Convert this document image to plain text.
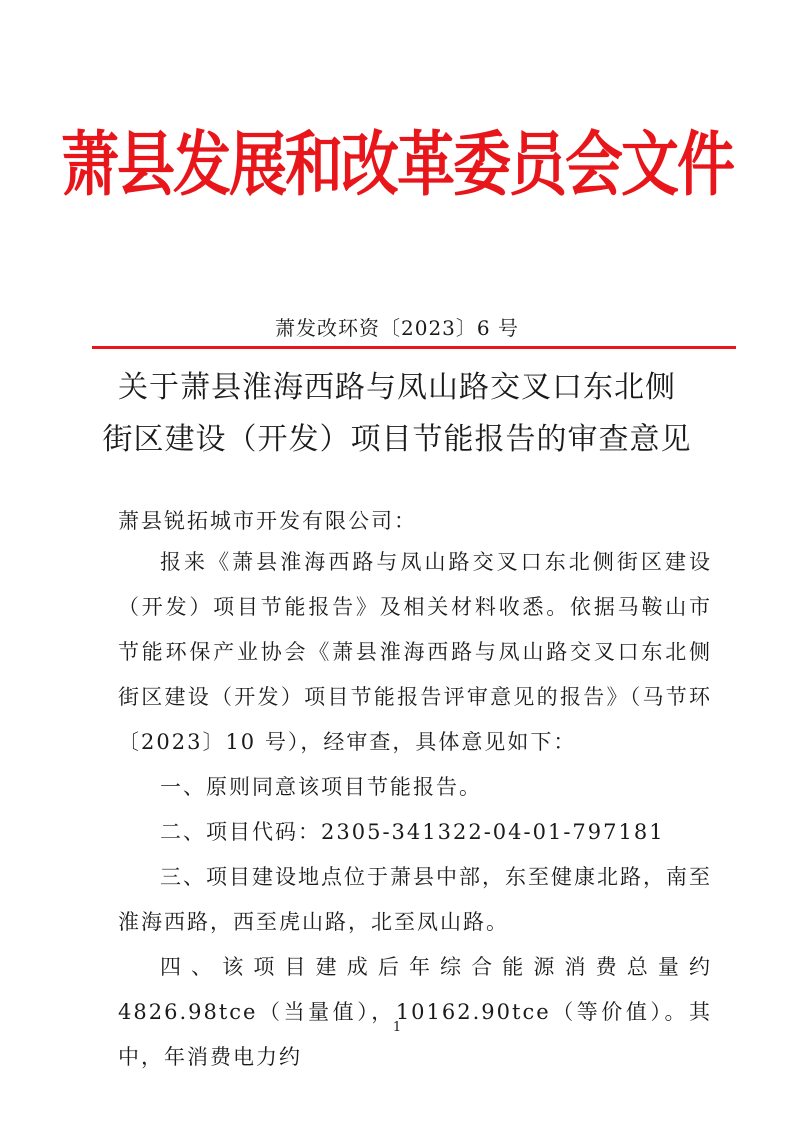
萧县发展和改革委员会文件
萧发改环资〔2023〕6 号
关于萧县淮海西路与凤山路交叉口东北侧
街区建设（开发）项目节能报告的审查意见
萧县锐拓城市开发有限公司：

报来《萧县淮海西路与凤山路交叉口东北侧街区建设（开发）项目节能报告》及相关材料收悉。依据马鞍山市节能环保产业协会《萧县淮海西路与凤山路交叉口东北侧街区建设（开发）项目节能报告评审意见的报告》（马节环〔2023〕10 号），经审查，具体意见如下：

一、原则同意该项目节能报告。

二、项目代码：2305-341322-04-01-797181

三、项目建设地点位于萧县中部，东至健康北路，南至淮海西路，西至虎山路，北至凤山路。

四、该项目建成后年综合能源消费总量约 4826.98tce（当量值），10162.90tce（等价值）。其中，年消费电力约

1
